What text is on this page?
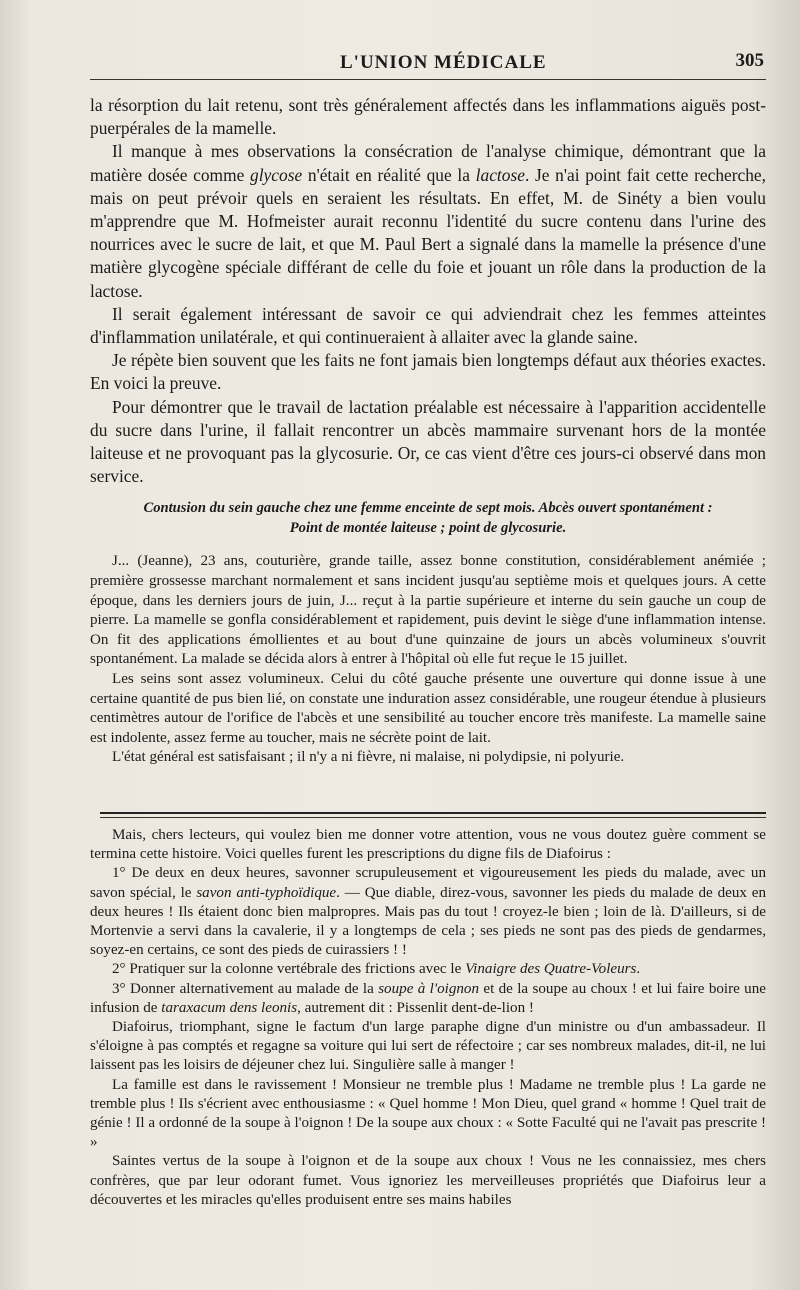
L'UNION MÉDICALE	305

la résorption du lait retenu, sont très généralement affectés dans les inflammations aiguës post-puerpérales de la mamelle.

Il manque à mes observations la consécration de l'analyse chimique, démontrant que la matière dosée comme glycose n'était en réalité que la lactose. Je n'ai point fait cette recherche, mais on peut prévoir quels en seraient les résultats. En effet, M. de Sinéty a bien voulu m'apprendre que M. Hofmeister aurait reconnu l'identité du sucre contenu dans l'urine des nourrices avec le sucre de lait, et que M. Paul Bert a signalé dans la mamelle la présence d'une matière glycogène spéciale différant de celle du foie et jouant un rôle dans la production de la lactose.

Il serait également intéressant de savoir ce qui adviendrait chez les femmes atteintes d'inflammation unilatérale, et qui continueraient à allaiter avec la glande saine.

Je répète bien souvent que les faits ne font jamais bien longtemps défaut aux théories exactes. En voici la preuve.

Pour démontrer que le travail de lactation préalable est nécessaire à l'apparition accidentelle du sucre dans l'urine, il fallait rencontrer un abcès mammaire survenant hors de la montée laiteuse et ne provoquant pas la glycosurie. Or, ce cas vient d'être ces jours-ci observé dans mon service.

Contusion du sein gauche chez une femme enceinte de sept mois. Abcès ouvert spontanément :
Point de montée laiteuse ; point de glycosurie.

J... (Jeanne), 23 ans, couturière, grande taille, assez bonne constitution, considérablement anémiée ; première grossesse marchant normalement et sans incident jusqu'au septième mois et quelques jours. A cette époque, dans les derniers jours de juin, J... reçut à la partie supérieure et interne du sein gauche un coup de pierre. La mamelle se gonfla considérablement et rapidement, puis devint le siège d'une inflammation intense. On fit des applications émollientes et au bout d'une quinzaine de jours un abcès volumineux s'ouvrit spontanément. La malade se décida alors à entrer à l'hôpital où elle fut reçue le 15 juillet.

Les seins sont assez volumineux. Celui du côté gauche présente une ouverture qui donne issue à une certaine quantité de pus bien lié, on constate une induration assez considérable, une rougeur étendue à plusieurs centimètres autour de l'orifice de l'abcès et une sensibilité au toucher encore très manifeste. La mamelle saine est indolente, assez ferme au toucher, mais ne sécrète point de lait.

L'état général est satisfaisant ; il n'y a ni fièvre, ni malaise, ni polydipsie, ni polyurie.

Mais, chers lecteurs, qui voulez bien me donner votre attention, vous ne vous doutez guère comment se termina cette histoire. Voici quelles furent les prescriptions du digne fils de Diafoirus :

1° De deux en deux heures, savonner scrupuleusement et vigoureusement les pieds du malade, avec un savon spécial, le savon anti-typhoïdique. — Que diable, direz-vous, savonner les pieds du malade de deux en deux heures ! Ils étaient donc bien malpropres. Mais pas du tout ! croyez-le bien ; loin de là. D'ailleurs, si de Mortenvie a servi dans la cavalerie, il y a longtemps de cela ; ses pieds ne sont pas des pieds de gendarmes, soyez-en certains, ce sont des pieds de cuirassiers ! !

2° Pratiquer sur la colonne vertébrale des frictions avec le Vinaigre des Quatre-Voleurs.

3° Donner alternativement au malade de la soupe à l'oignon et de la soupe au choux ! et lui faire boire une infusion de taraxacum dens leonis, autrement dit : Pissenlit dent-de-lion !

Diafoirus, triomphant, signe le factum d'un large paraphe digne d'un ministre ou d'un ambassadeur. Il s'éloigne à pas comptés et regagne sa voiture qui lui sert de réfectoire ; car ses nombreux malades, dit-il, ne lui laissent pas les loisirs de déjeuner chez lui. Singulière salle à manger !

La famille est dans le ravissement ! Monsieur ne tremble plus ! Madame ne tremble plus ! La garde ne tremble plus ! Ils s'écrient avec enthousiasme : « Quel homme ! Mon Dieu, quel grand « homme ! Quel trait de génie ! Il a ordonné de la soupe à l'oignon ! De la soupe aux choux : « Sotte Faculté qui ne l'avait pas prescrite ! »

Saintes vertus de la soupe à l'oignon et de la soupe aux choux ! Vous ne les connaissiez, mes chers confrères, que par leur odorant fumet. Vous ignoriez les merveilleuses propriétés que Diafoirus leur a découvertes et les miracles qu'elles produisent entre ses mains habiles
